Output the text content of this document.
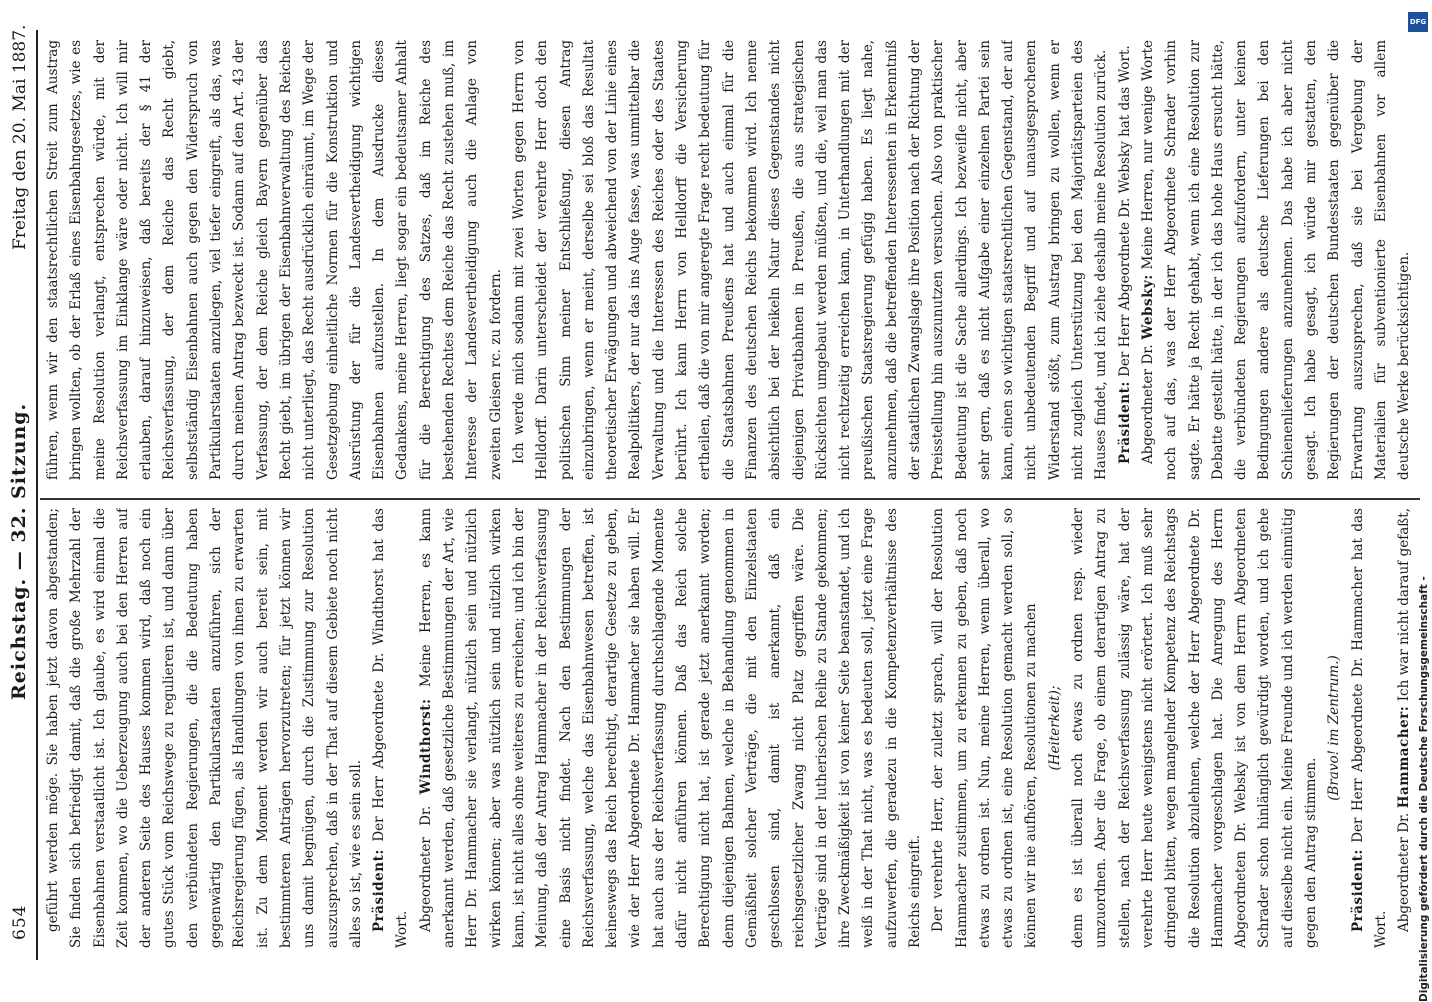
654
Reichstag. — 32. Sitzung.
Freitag den 20. Mai 1887.

geführt werden möge. Sie haben jetzt davon abgestanden; Sie finden sich befriedigt damit, daß die große Mehrzahl der Eisenbahnen verstaatlicht ist. Ich glaube, es wird einmal die Zeit kommen, wo die Ueberzeugung auch bei den Herren auf der anderen Seite des Hauses kommen wird, daß noch ein gutes Stück vom Reichswege zu regulieren ist, und dann über den verbündeten Regierungen, die die Bedeutung haben gegenwärtig den Partikularstaaten anzuführen, sich der Reichsregierung fügen, als Handlungen von ihnen zu erwarten ist. Zu dem Moment werden wir auch bereit sein, mit bestimmteren Anträgen hervorzutreten; für jetzt können wir uns damit begnügen, durch die Zustimmung zur Resolution auszusprechen, daß in der That auf diesem Gebiete noch nicht alles so ist, wie es sein soll. Präsident: Der Herr Abgeordnete Dr. Windthorst hat das Wort. Abgeordneter Dr. Windthorst: Meine Herren, es kann anerkannt werden, daß gesetzliche Bestimmungen der Art, wie Herr Dr. Hammacher sie verlangt, nützlich sein und nützlich wirken können; aber was nützlich sein und nützlich wirken kann, ist nicht alles ohne weiteres zu erreichen; und ich bin der Meinung, daß der Antrag Hammacher in der Reichsverfassung eine Basis nicht findet. Nach den Bestimmungen der Reichsverfassung, welche das Eisenbahnwesen betreffen, ist keineswegs das Reich berechtigt, derartige Gesetze zu geben, wie der Herr Abgeordnete Dr. Hammacher sie haben will. Er hat auch aus der Reichsverfassung durchschlagende Momente dafür nicht anführen können. Daß das Reich solche Berechtigung nicht hat, ist gerade jetzt anerkannt worden; denn diejenigen Bahnen, welche in Behandlung genommen in Gemäßheit solcher Verträge, die mit den Einzelstaaten geschlossen sind, damit ist anerkannt, daß ein reichsgesetzlicher Zwang nicht Platz gegriffen wäre. Die Verträge sind in der lutherischen Reihe zu Stande gekommen; ihre Zweckmäßigkeit ist von keiner Seite beanstandet, und ich weiß in der That nicht, was es bedeuten soll, jetzt eine Frage aufzuwerfen, die geradezu in die Kompetenzverhältnisse des Reichs eingreift. Der verehrte Herr, der zuletzt sprach, will der Resolution Hammacher zustimmen, um zu erkennen zu geben, daß noch etwas zu ordnen ist. Nun, meine Herren, wenn überall, wo etwas zu ordnen ist, eine Resolution gemacht werden soll, so können wir nie aufhören, Resolutionen zu machen (Heiterkeit); denn es ist überall noch etwas zu ordnen resp. wieder umzuordnen. Aber die Frage, ob einem derartigen Antrag zu stellen, nach der Reichsverfassung zulässig wäre, hat der verehrte Herr heute wenigstens nicht erörtert. Ich muß sehr dringend bitten, wegen mangelnder Kompetenz des Reichstags die Resolution abzulehnen, welche der Herr Abgeordnete Dr. Hammacher vorgeschlagen hat. Die Anregung des Herrn Abgeordneten Dr. Websky ist von dem Herrn Abgeordneten Schrader schon hinlänglich gewürdigt worden, und ich gehe auf dieselbe nicht ein. Meine Freunde und ich werden einmütig gegen den Antrag stimmen.

(Bravo! im Zentrum.)

Präsident: Der Herr Abgeordnete Dr. Hammacher hat das Wort. Abgeordneter Dr. Hammacher: Ich war nicht darauf gefaßt,

führen, wenn wir den staatsrechtlichen Streit zum Austrag bringen wollten, ob der Erlaß eines Eisenbahngesetzes, wie es meine Resolution verlangt, entsprechen würde, mit der Reichsverfassung im Einklange wäre oder nicht. Ich will mir erlauben, darauf hinzuweisen, daß bereits der § 41 der Reichsverfassung, der dem Reiche das Recht giebt, selbstständig Eisenbahnen auch gegen den Widerspruch von Partikularstaaten anzulegen, viel tiefer eingreift, als das, was durch meinen Antrag bezweckt ist. Sodann auf den Art. 43 der Verfassung, der dem Reiche gleich Bayern gegenüber das Recht giebt, im übrigen der Eisenbahnverwaltung des Reiches nicht unterliegt, das Recht ausdrücklich einräumt, im Wege der Gesetzgebung einheitliche Normen für die Konstruktion und Ausrüstung der für die Landesvertheidigung wichtigen Eisenbahnen aufzustellen. In dem Ausdrucke dieses Gedankens, meine Herren, liegt sogar ein bedeutsamer Anhalt für die Berechtigung des Satzes, daß im Reiche des bestehenden Rechtes dem Reiche das Recht zustehen muß, im Interesse der Landesvertheidigung auch die Anlage von zweiten Gleisen rc. zu fordern. Ich werde mich sodann mit zwei Worten gegen Herrn von Helldorff. Darin unterscheidet der verehrte Herr doch den politischen Sinn meiner Entschließung, diesen Antrag einzubringen, wenn er meint, derselbe sei bloß das Resultat theoretischer Erwägungen und abweichend von der Linie eines Realpolitikers, der nur das ins Auge fasse, was unmittelbar die Verwaltung und die Interessen des Reiches oder des Staates berührt. Ich kann Herrn von Helldorff die Versicherung ertheilen, daß die von mir angeregte Frage recht bedeutung für die Staatsbahnen Preußens hat und auch einmal für die Finanzen des deutschen Reichs bekommen wird. Ich nenne absichtlich bei der heikeln Natur dieses Gegenstandes nicht diejenigen Privatbahnen in Preußen, die aus strategischen Rücksichten umgebaut werden müßten, und die, weil man das nicht rechtzeitig erreichen kann, in Unterhandlungen mit der preußischen Staatsregierung gefügig haben. Es liegt nahe, anzunehmen, daß die betreffenden Interessenten in Erkenntniß der staatlichen Zwangslage ihre Position nach der Richtung der Preisstellung hin auszunutzen versuchen. Also von praktischer Bedeutung ist die Sache allerdings. Ich bezweifle nicht, aber sehr gern, daß es nicht Aufgabe einer einzelnen Partei sein kann, einen so wichtigen staatsrechtlichen Gegenstand, der auf nicht unbedeutenden Begriff und auf unausgesprochenen Widerstand stößt, zum Austrag bringen zu wollen, wenn er nicht zugleich Unterstützung bei den Majoritätsparteien des Hauses findet, und ich ziehe deshalb meine Resolution zurück. Präsident: Der Herr Abgeordnete Dr. Websky hat das Wort.

Abgeordneter Dr. Websky: Meine Herren, nur wenige Worte noch auf das, was der Herr Abgeordnete Schrader vorhin sagte. Er hätte ja Recht gehabt, wenn ich eine Resolution zur Debatte gestellt hätte, in der ich das hohe Haus ersucht hätte, die verbündeten Regierungen aufzufordern, unter keinen Bedingungen andere als deutsche Lieferungen bei den Schienenlieferungen anzunehmen. Das habe ich aber nicht gesagt. Ich habe gesagt, ich würde mir gestatten, den Regierungen der deutschen Bundesstaaten gegenüber die Erwartung auszusprechen, daß sie bei Vergebung der Materialien für subventionierte Eisenbahnen vor allem deutsche Werke berücksichtigen.

DFG
Digitalisierung gefördert durch die Deutsche Forschungsgemeinschaft -
